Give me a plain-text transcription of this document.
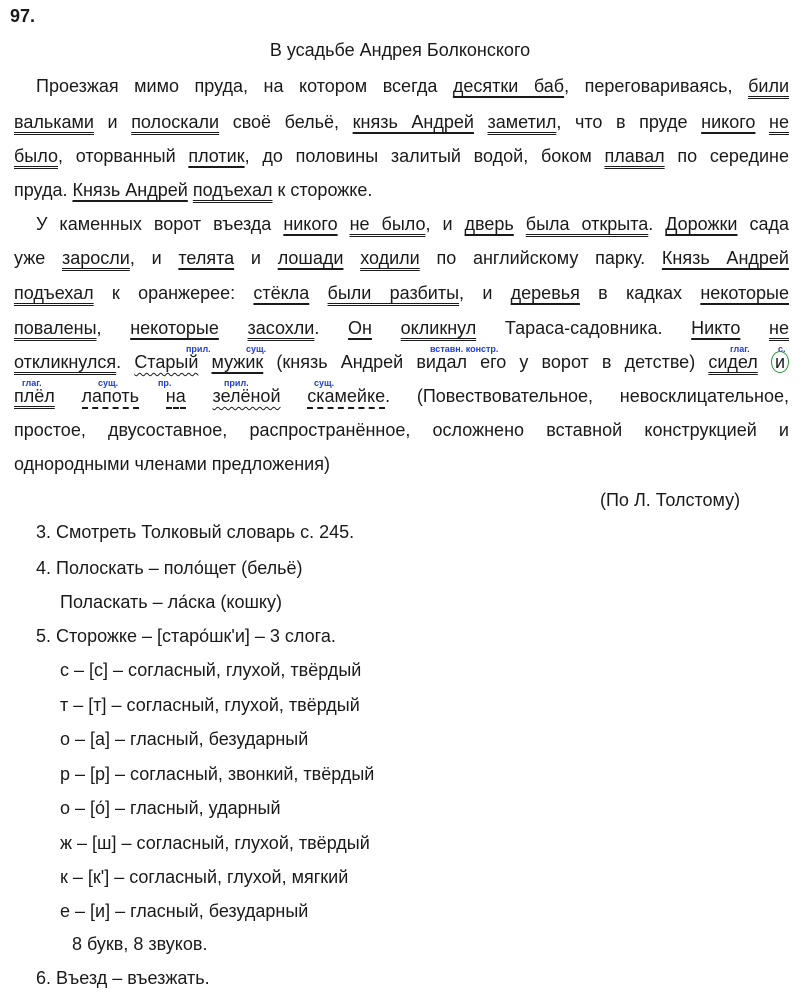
97.
В усадьбе Андрея Болконского
Проезжая мимо пруда, на котором всегда десятки баб, переговариваясь, били
вальками и полоскали своё бельё, князь Андрей заметил, что в пруде никого не
было, оторванный плотик, до половины залитый водой, боком плавал по середине
пруда. Князь Андрей подъехал к сторожке.
У каменных ворот въезда никого не было, и дверь была открыта. Дорожки сада
уже заросли, и телята и лошади ходили по английскому парку. Князь Андрей
подъехал к оранжерее: стёкла были разбиты, и деревья в кадках некоторые
повалены, некоторые засохли. Он окликнул Тараса-садовника. Никто не
прил.	сущ.	вставн. констр.	глаг.	с.
откликнулся. Старый мужик (князь Андрей видал его у ворот в детстве) сидел и
глаг.	сущ.	пр.	прил.	сущ.
плёл лапоть на зелёной скамейке. (Повествовательное, невосклицательное,
простое, двусоставное, распространённое, осложнено вставной конструкцией и
однородными членами предложения)
(По Л. Толстому)
3. Смотреть Толковый словарь с. 245.
4. Полоскать – поло́щет (бельё)
Поласкать – ла́ска (кошку)
5. Сторожке – [старо́шк'и] – 3 слога.
с – [с] – согласный, глухой, твёрдый
т – [т] – согласный, глухой, твёрдый
о – [а] – гласный, безударный
р – [р] – согласный, звонкий, твёрдый
о – [о́] – гласный, ударный
ж – [ш] – согласный, глухой, твёрдый
к – [к'] – согласный, глухой, мягкий
е – [и] – гласный, безударный
8 букв, 8 звуков.
6. Въезд – въезжать.
